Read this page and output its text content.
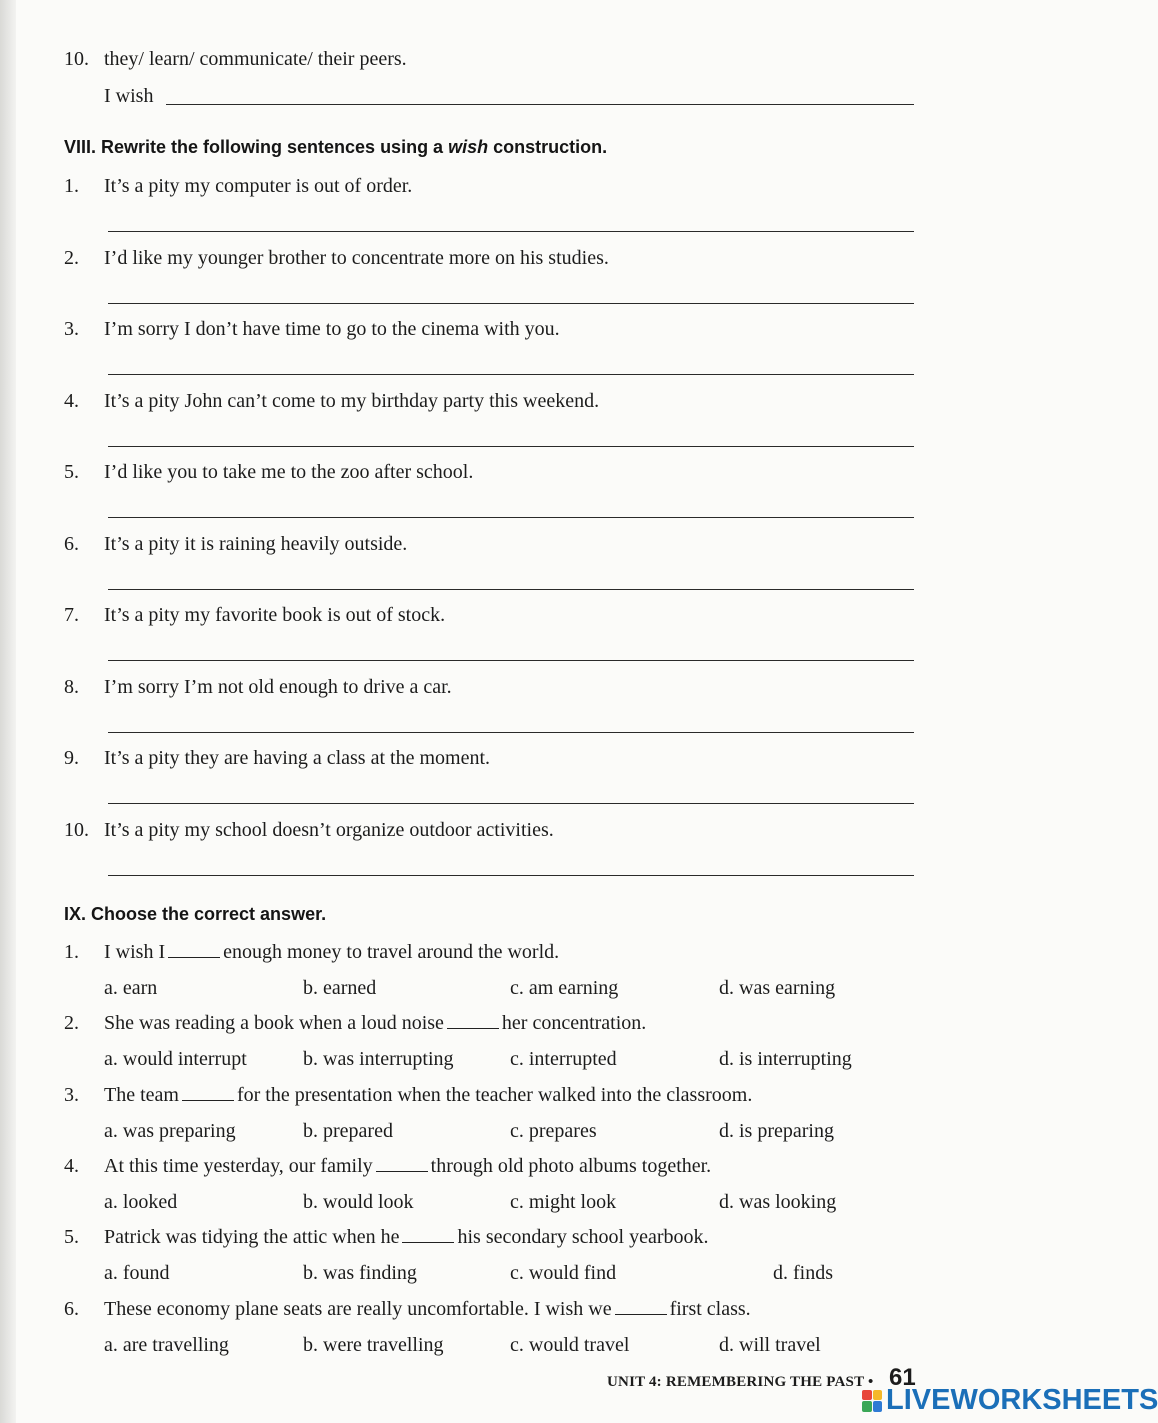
10. they/ learn/ communicate/ their peers.
I wish
VIII. Rewrite the following sentences using a wish construction.
1. It’s a pity my computer is out of order.
2. I’d like my younger brother to concentrate more on his studies.
3. I’m sorry I don’t have time to go to the cinema with you.
4. It’s a pity John can’t come to my birthday party this weekend.
5. I’d like you to take me to the zoo after school.
6. It’s a pity it is raining heavily outside.
7. It’s a pity my favorite book is out of stock.
8. I’m sorry I’m not old enough to drive a car.
9. It’s a pity they are having a class at the moment.
10. It’s a pity my school doesn’t organize outdoor activities.
IX. Choose the correct answer.
1. I wish I	enough money to travel around the world.
a. earn	b. earned	c. am earning	d. was earning
2. She was reading a book when a loud noise	her concentration.
a. would interrupt	b. was interrupting	c. interrupted	d. is interrupting
3. The team	for the presentation when the teacher walked into the classroom.
a. was preparing	b. prepared	c. prepares	d. is preparing
4. At this time yesterday, our family	through old photo albums together.
a. looked	b. would look	c. might look	d. was looking
5. Patrick was tidying the attic when he	his secondary school yearbook.
a. found	b. was finding	c. would find	d. finds
6. These economy plane seats are really uncomfortable. I wish we	first class.
a. are travelling	b. were travelling	c. would travel	d. will travel
UNIT 4: REMEMBERING THE PAST • 61
LIVEWORKSHEETS
